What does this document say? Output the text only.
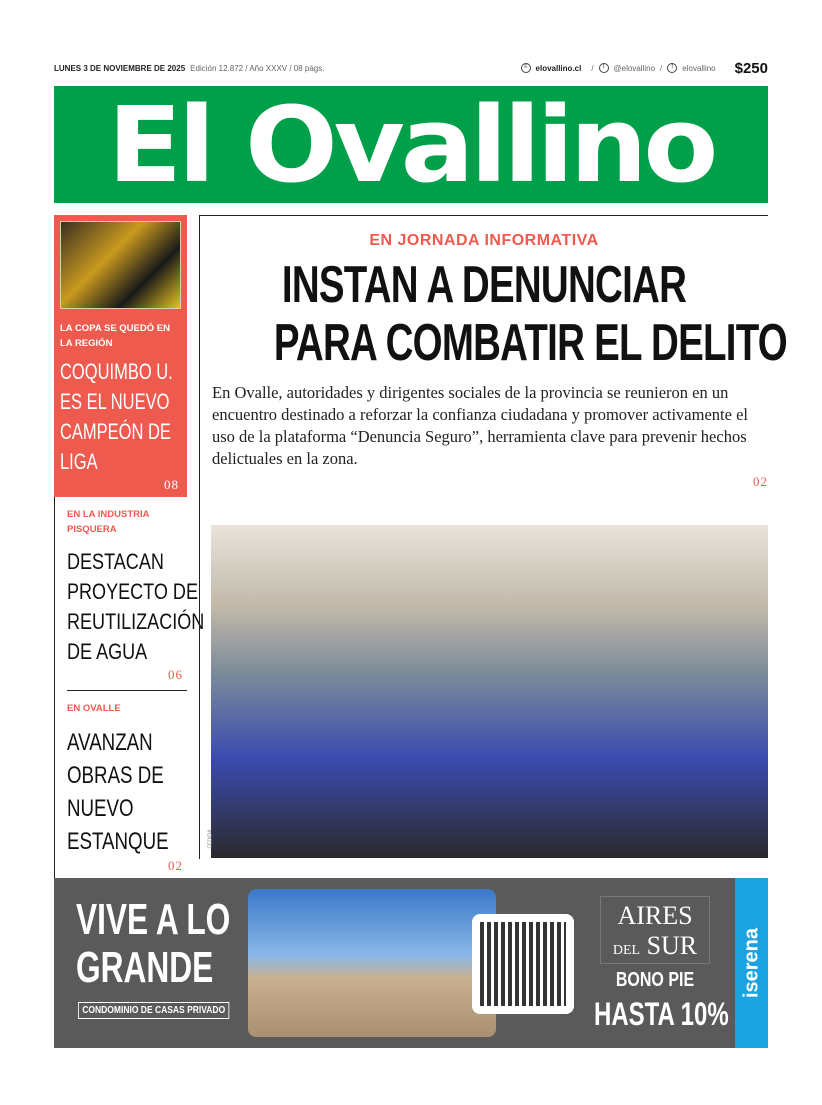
LUNES 3 DE NOVIEMBRE DE 2025 Edición 12.872 / Año XXXV / 08 págs.	≡	elovallino.cl /	t	@elovallino /	f	elovallino $250
El Ovallino
LA COPA SE QUEDÓ EN LA REGIÓN
COQUIMBO U. ES EL NUEVO CAMPEÓN DE LIGA
08
EN LA INDUSTRIA PISQUERA
DESTACAN
PROYECTO DE
REUTILIZACIÓN
DE AGUA
06
EN OVALLE
AVANZAN
OBRAS DE
NUEVO
ESTANQUE
02
EN JORNADA INFORMATIVA
INSTAN A DENUNCIAR
PARA COMBATIR EL DELITO
En Ovalle, autoridades y dirigentes sociales de la provincia se reunieron en un encuentro destinado a reforzar la confianza ciudadana y promover activamente el uso de la plataforma “Denuncia Seguro”, herramienta clave para prevenir hechos delictuales en la zona.
02
CEDIDA
VIVE A LO
GRANDE
CONDOMINIO DE CASAS PRIVADO
AIRES
DEL SUR
BONO PIE
HASTA 10%
iserena
